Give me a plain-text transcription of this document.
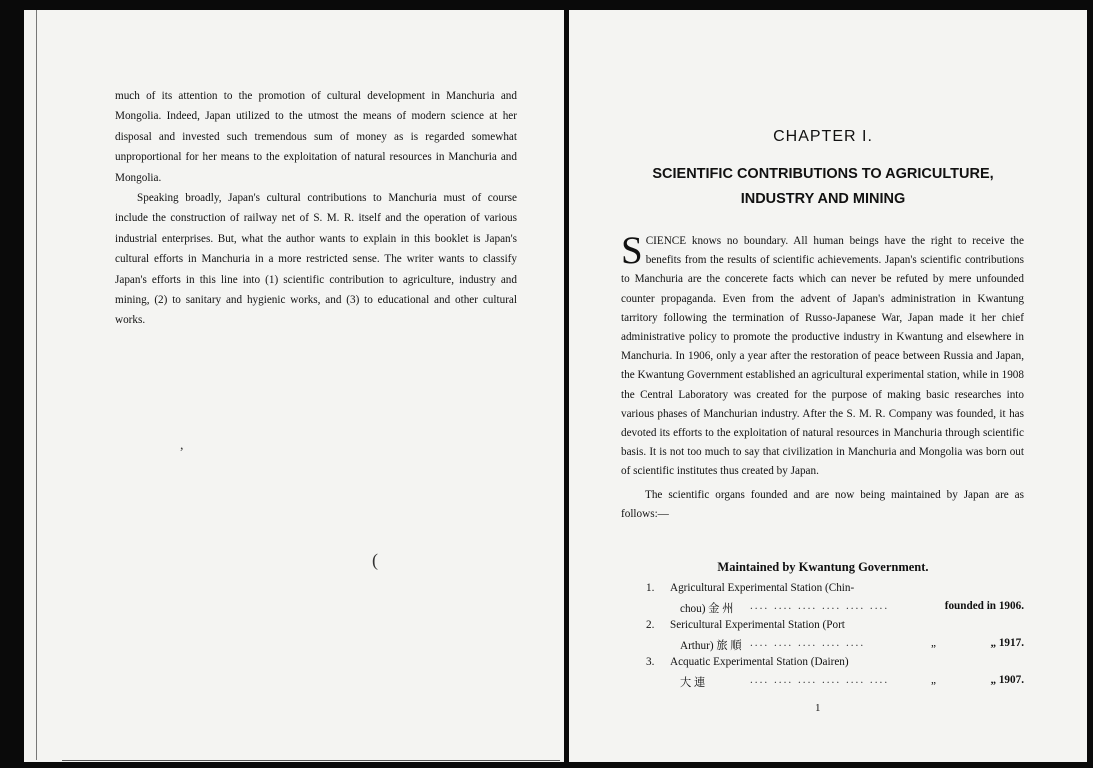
much of its attention to the promotion of cultural development in Manchuria and Mongolia. Indeed, Japan utilized to the utmost the means of modern science at her disposal and invested such tremendous sum of money as is regarded somewhat unproportional for her means to the exploitation of natural resources in Manchuria and Mongolia.

Speaking broadly, Japan's cultural contributions to Manchuria must of course include the construction of railway net of S. M. R. itself and the operation of various industrial enterprises. But, what the author wants to explain in this booklet is Japan's cultural efforts in Manchuria in a more restricted sense. The writer wants to classify Japan's efforts in this line into (1) scientific contribution to agriculture, industry and mining, (2) to sanitary and hygienic works, and (3) to educational and other cultural works.

,
(
CHAPTER I.
SCIENTIFIC CONTRIBUTIONS TO AGRICULTURE,
INDUSTRY AND MINING

SCIENCE knows no boundary. All human beings have the right to receive the benefits from the results of scientific achievements. Japan's scientific contributions to Manchuria are the concerete facts which can never be refuted by mere unfounded counter propaganda. Even from the advent of Japan's administration in Kwantung tarritory following the termination of Russo-Japanese War, Japan made it her chief administrative policy to promote the productive industry in Kwantung and elsewhere in Manchuria. In 1906, only a year after the restoration of peace between Russia and Japan, the Kwantung Government established an agricultural experimental station, while in 1908 the Central Laboratory was created for the purpose of making basic researches into various phases of Manchurian industry. After the S. M. R. Company was founded, it has devoted its efforts to the exploitation of natural resources in Manchuria through scientific basis. It is not too much to say that civilization in Manchuria and Mongolia was born out of scientific institutes thus created by Japan.

The scientific organs founded and are now being maintained by Japan are as follows:—

Maintained by Kwantung Government.
1. Agricultural Experimental Station (Chin-
chou) 金 州 .... .... .... .... .... ....	founded in 1906.
2. Sericultural Experimental Station (Port
Arthur) 旅 順 .... .... .... .... ....	„	„ 1917.
3. Acquatic Experimental Station (Dairen)
大 連	.... .... .... .... .... ....	„	„ 1907.
1
